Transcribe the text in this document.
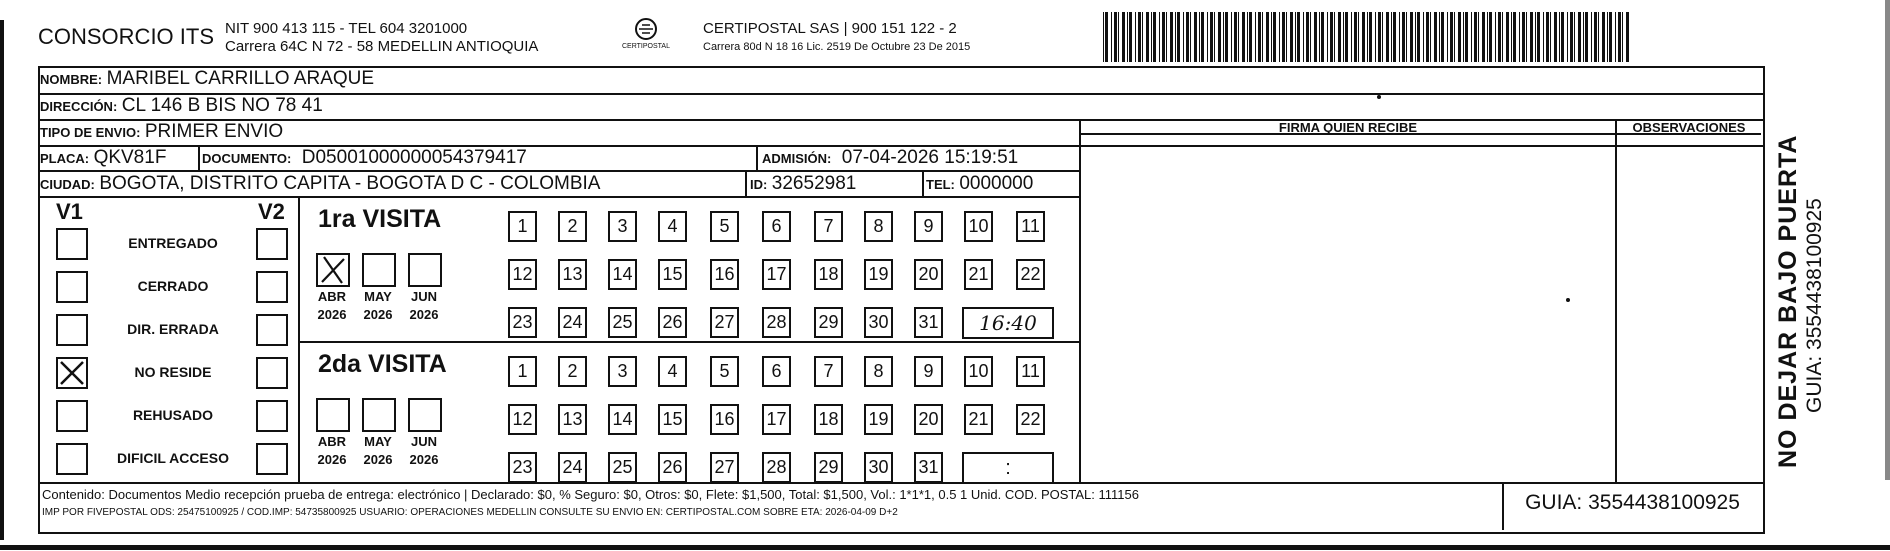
CONSORCIO ITS NIT 900 413 115 - TEL 604 3201000
Carrera 64C N 72 - 58 MEDELLIN ANTIOQUIA	CERTIPOSTAL
CERTIPOSTAL SAS | 900 151 122 - 2
Carrera 80d N 18 16 Lic. 2519 De Octubre 23 De 2015
NOMBRE: MARIBEL CARRILLO ARAQUE
DIRECCIÓN: CL 146 B BIS NO 78 41
TIPO DE ENVIO: PRIMER ENVIO
PLACA: QKV81F	DOCUMENTO: D05001000000054379417	ADMISIÓN: 07-04-2026 15:19:51
CIUDAD: BOGOTA, DISTRITO CAPITA - BOGOTA D C - COLOMBIA	ID: 32652981	TEL: 0000000
FIRMA QUIEN RECIBE	OBSERVACIONES
V1	V2
ENTREGADO
CERRADO
DIR. ERRADA
NO RESIDE
REHUSADO
DIFICIL ACCESO
1ra VISITA
ABR
2026
MAY
2026
JUN
2026
1	2	3	4	5	6	7	8	9	10 11
12 13 14 15 16 17 18 19 20 21 22
23 24 25 26 27 28 29 30 31	16:40
2da VISITA
ABR
2026
MAY
2026
JUN
2026
1	2	3	4	5	6	7	8	9	10 11
12 13 14 15 16 17 18 19 20 21 22
23 24 25 26 27 28 29 30 31	:
Contenido: Documentos Medio recepción prueba de entrega: electrónico | Declarado: $0, % Seguro: $0, Otros: $0, Flete: $1,500, Total: $1,500, Vol.: 1*1*1, 0.5 1 Unid. COD. POSTAL: 111156
IMP POR FIVEPOSTAL ODS: 25475100925 / COD.IMP: 54735800925 USUARIO: OPERACIONES MEDELLIN CONSULTE SU ENVIO EN: CERTIPOSTAL.COM SOBRE ETA: 2026-04-09 D+2	GUIA: 3554438100925
NO DEJAR BAJO PUERTA GUIA: 3554438100925
